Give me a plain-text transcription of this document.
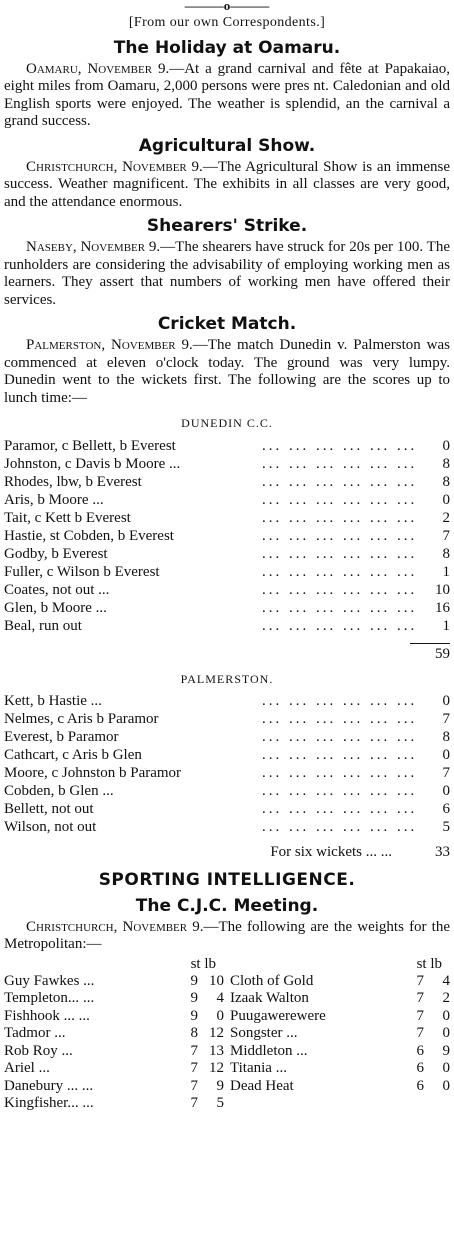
———o———
[From our own Correspondents.]
The Holiday at Oamaru.

Oamaru, November 9.—At a grand carnival and fête at Papakaiao, eight miles from Oamaru, 2,000 persons were pres nt. Caledonian and old English sports were enjoyed. The weather is splendid, an the carnival a grand success.

Agricultural Show.

Christchurch, November 9.—The Agricultural Show is an immense success. Weather magnificent. The exhibits in all classes are very good, and the attendance enormous.

Shearers' Strike.

Naseby, November 9.—The shearers have struck for 20s per 100. The runholders are considering the advisability of employing working men as learners. They assert that numbers of working men have offered their services.

Cricket Match.

Palmerston, November 9.—The match Dunedin v. Palmerston was commenced at eleven o'clock today. The ground was very lumpy. Dunedin went to the wickets first. The following are the scores up to lunch time:—

DUNEDIN C.C.
Paramor, c Bellett, b Everest	... ... ... ... ... ...	0
Johnston, c Davis b Moore ...	... ... ... ... ... ...	8
Rhodes, lbw, b Everest	... ... ... ... ... ...	8
Aris, b Moore ...	... ... ... ... ... ...	0
Tait, c Kett b Everest	... ... ... ... ... ...	2
Hastie, st Cobden, b Everest	... ... ... ... ... ...	7
Godby, b Everest	... ... ... ... ... ...	8
Fuller, c Wilson b Everest	... ... ... ... ... ...	1
Coates, not out ...	... ... ... ... ... ...	10
Glen, b Moore ...	... ... ... ... ... ...	16
Beal, run out	... ... ... ... ... ...	1
59
PALMERSTON.
Kett, b Hastie ...	... ... ... ... ... ...	0
Nelmes, c Aris b Paramor	... ... ... ... ... ...	7
Everest, b Paramor	... ... ... ... ... ...	8
Cathcart, c Aris b Glen	... ... ... ... ... ...	0
Moore, c Johnston b Paramor	... ... ... ... ... ...	7
Cobden, b Glen ...	... ... ... ... ... ...	0
Bellett, not out	... ... ... ... ... ...	6
Wilson, not out	... ... ... ... ... ...	5
For six wickets ... ...	33
SPORTING INTELLIGENCE.
The C.J.C. Meeting.

Christchurch, November 9.—The following are the weights for the Metropolitan:—

st lb
Guy Fawkes ...	9 10
Templeton... ...	9	4
Fishhook ... ...	9	0
Tadmor ...	8 12
Rob Roy ...	7 13
Ariel ...	7 12
Danebury ... ...	7	9
Kingfisher... ...	7	5
st lb
Cloth of Gold	7	4
Izaak Walton	7	2
Puugawerewere	7	0
Songster ...	7	0
Middleton ...	6	9
Titania ...	6	0
Dead Heat	6	0
